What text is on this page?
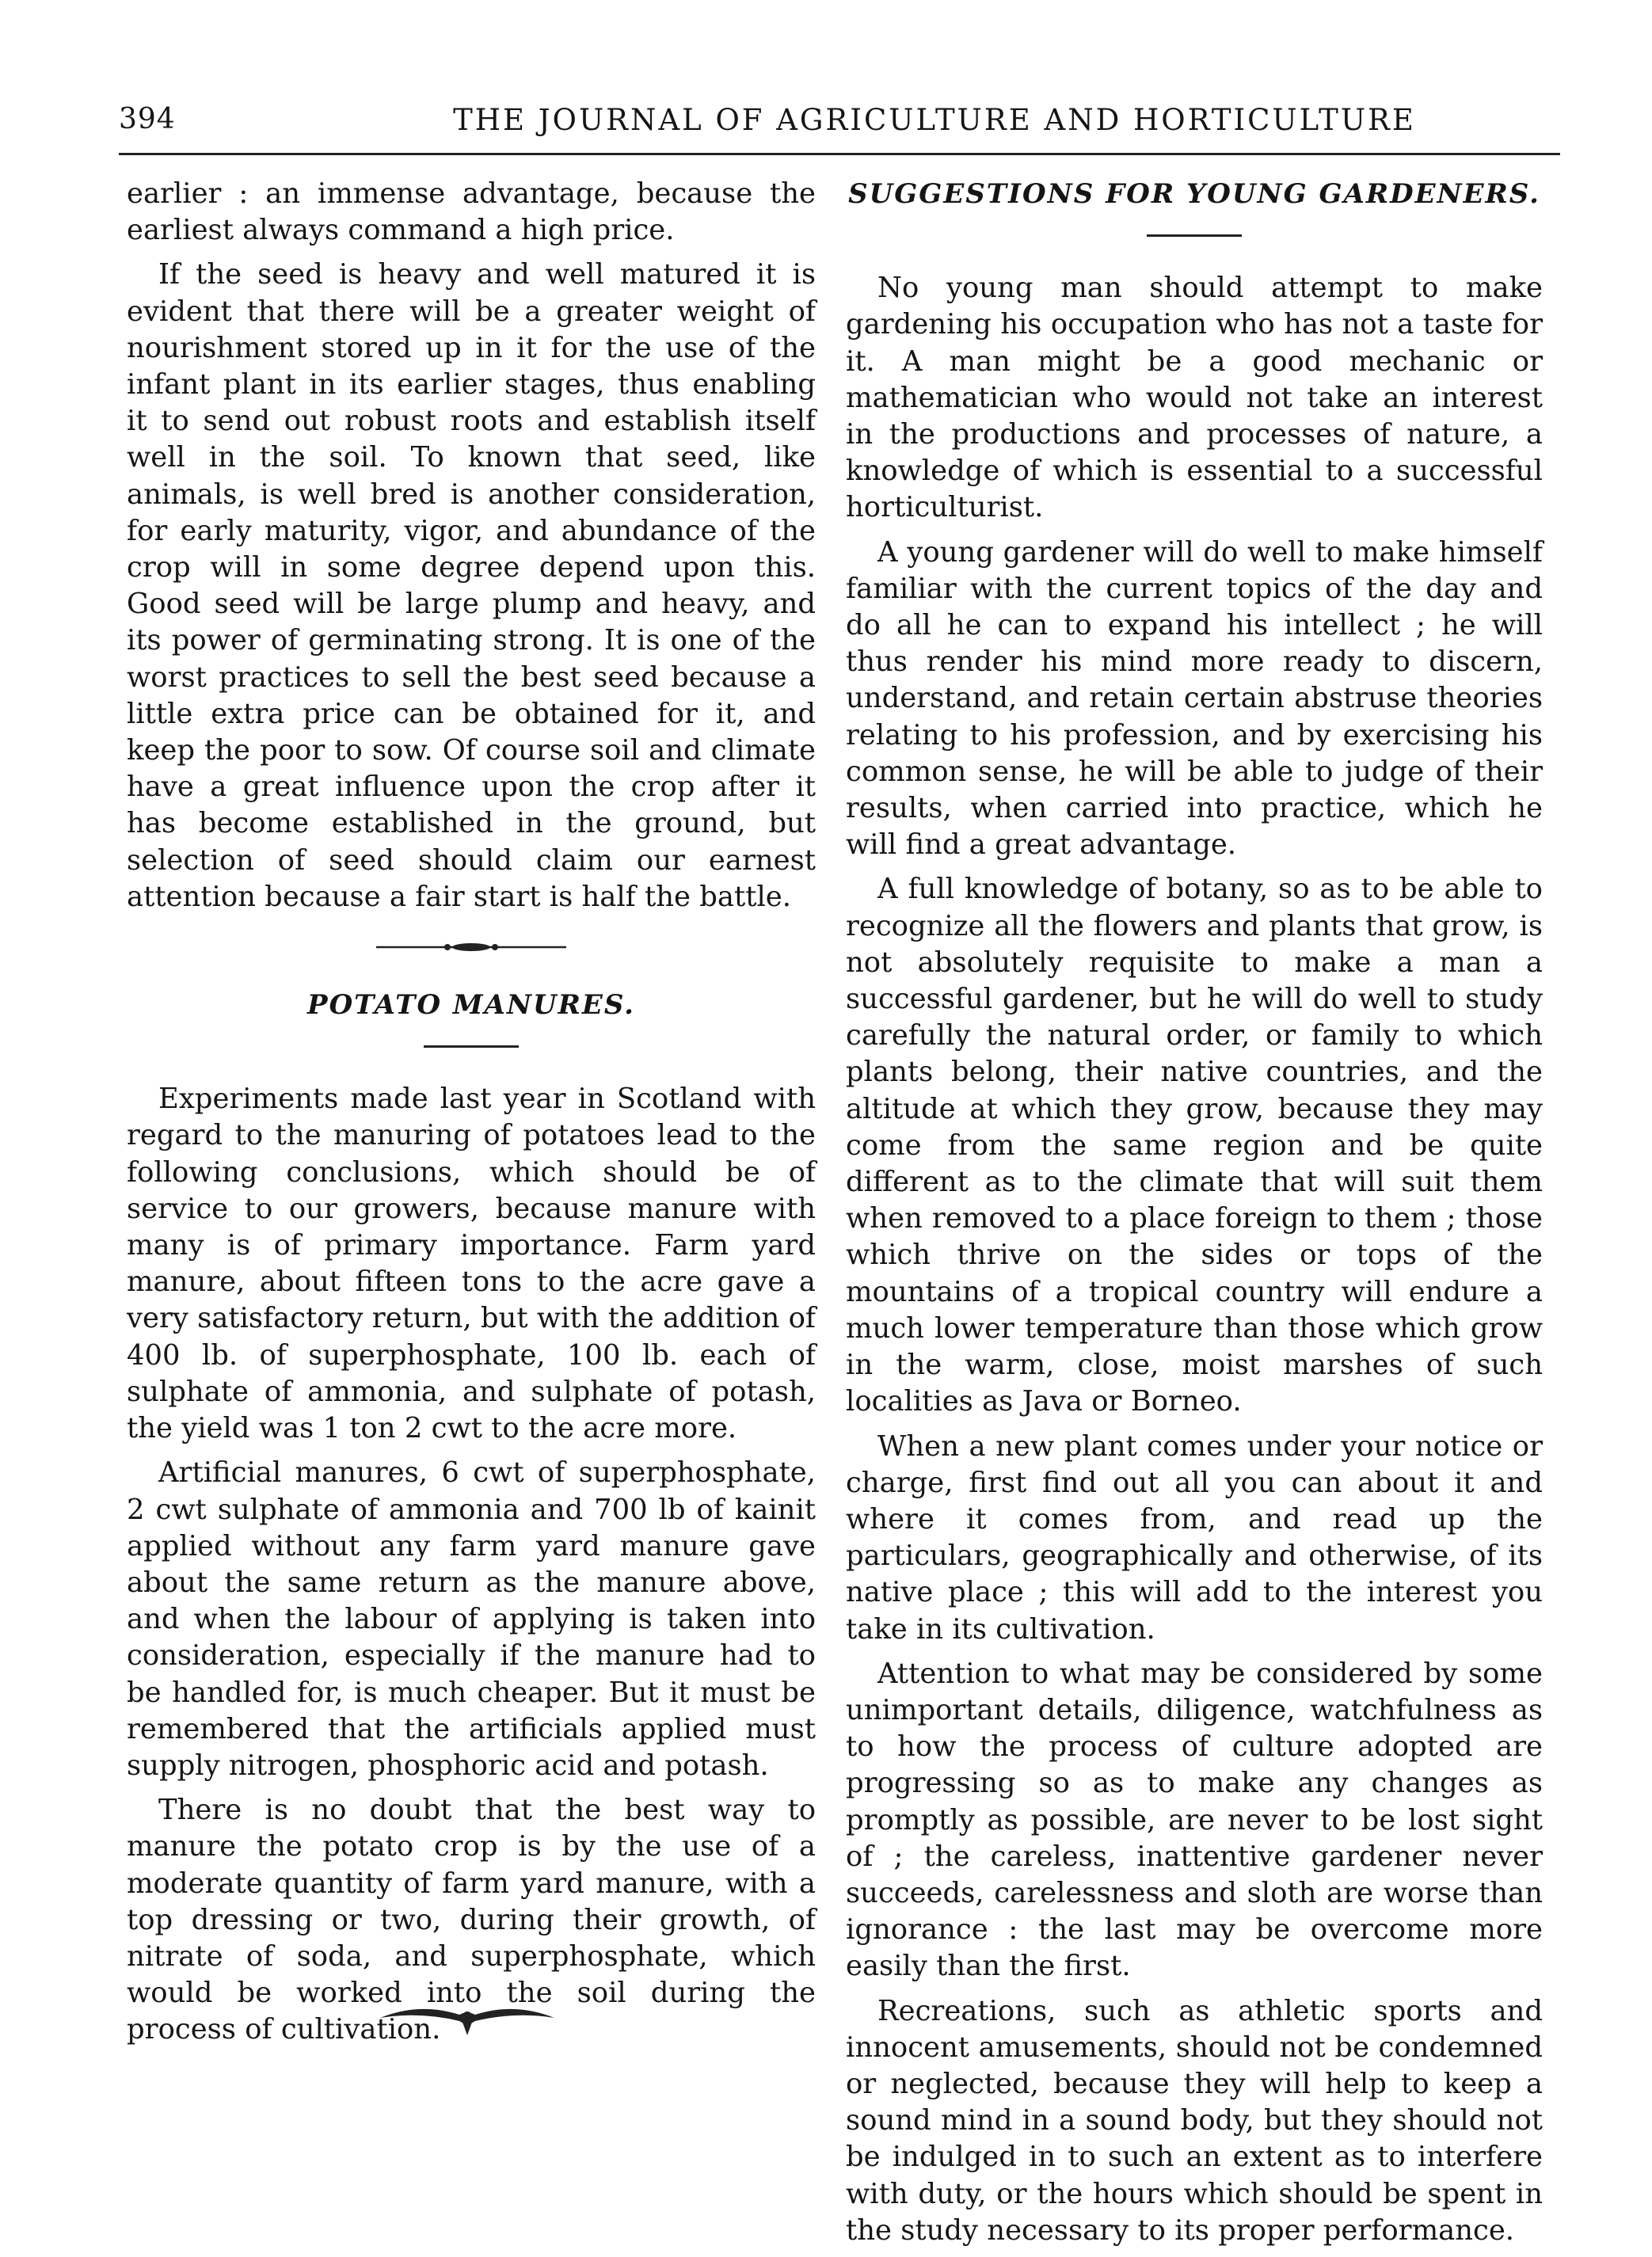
394	THE JOURNAL OF AGRICULTURE AND HORTICULTURE

earlier : an immense advantage, because the earliest always command a high price.

If the seed is heavy and well matured it is evident that there will be a greater weight of nourishment stored up in it for the use of the infant plant in its earlier stages, thus enabling it to send out robust roots and establish itself well in the soil. To known that seed, like animals, is well bred is another consideration, for early maturity, vigor, and abundance of the crop will in some degree depend upon this. Good seed will be large plump and heavy, and its power of germinating strong. It is one of the worst practices to sell the best seed because a little extra price can be obtained for it, and keep the poor to sow. Of course soil and climate have a great influence upon the crop after it has become established in the ground, but selection of seed should claim our earnest attention because a fair start is half the battle.

POTATO MANURES.

Experiments made last year in Scotland with regard to the manuring of potatoes lead to the following conclusions, which should be of service to our growers, because manure with many is of primary importance. Farm yard manure, about fifteen tons to the acre gave a very satisfactory return, but with the addition of 400 lb. of superphosphate, 100 lb. each of sulphate of ammonia, and sulphate of potash, the yield was 1 ton 2 cwt to the acre more.

Artificial manures, 6 cwt of superphosphate, 2 cwt sulphate of ammonia and 700 lb of kainit applied without any farm yard manure gave about the same return as the manure above, and when the labour of applying is taken into consideration, especially if the manure had to be handled for, is much cheaper. But it must be remembered that the artificials applied must supply nitrogen, phosphoric acid and potash.

There is no doubt that the best way to manure the potato crop is by the use of a moderate quantity of farm yard manure, with a top dressing or two, during their growth, of nitrate of soda, and superphosphate, which would be worked into the soil during the process of cultivation.

SUGGESTIONS FOR YOUNG GARDENERS.

No young man should attempt to make gardening his occupation who has not a taste for it. A man might be a good mechanic or mathematician who would not take an interest in the productions and processes of nature, a knowledge of which is essential to a successful horticulturist.

A young gardener will do well to make himself familiar with the current topics of the day and do all he can to expand his intellect ; he will thus render his mind more ready to discern, understand, and retain certain abstruse theories relating to his profession, and by exercising his common sense, he will be able to judge of their results, when carried into practice, which he will find a great advantage.

A full knowledge of botany, so as to be able to recognize all the flowers and plants that grow, is not absolutely requisite to make a man a successful gardener, but he will do well to study carefully the natural order, or family to which plants belong, their native countries, and the altitude at which they grow, because they may come from the same region and be quite different as to the climate that will suit them when removed to a place foreign to them ; those which thrive on the sides or tops of the mountains of a tropical country will endure a much lower temperature than those which grow in the warm, close, moist marshes of such localities as Java or Borneo.

When a new plant comes under your notice or charge, first find out all you can about it and where it comes from, and read up the particulars, geographically and otherwise, of its native place ; this will add to the interest you take in its cultivation.

Attention to what may be considered by some unimportant details, diligence, watchfulness as to how the process of culture adopted are progressing so as to make any changes as promptly as possible, are never to be lost sight of ; the careless, inattentive gardener never succeeds, carelessness and sloth are worse than ignorance : the last may be overcome more easily than the first.

Recreations, such as athletic sports and innocent amusements, should not be condemned or neglected, because they will help to keep a sound mind in a sound body, but they should not be indulged in to such an extent as to interfere with duty, or the hours which should be spent in the study necessary to its proper performance.
